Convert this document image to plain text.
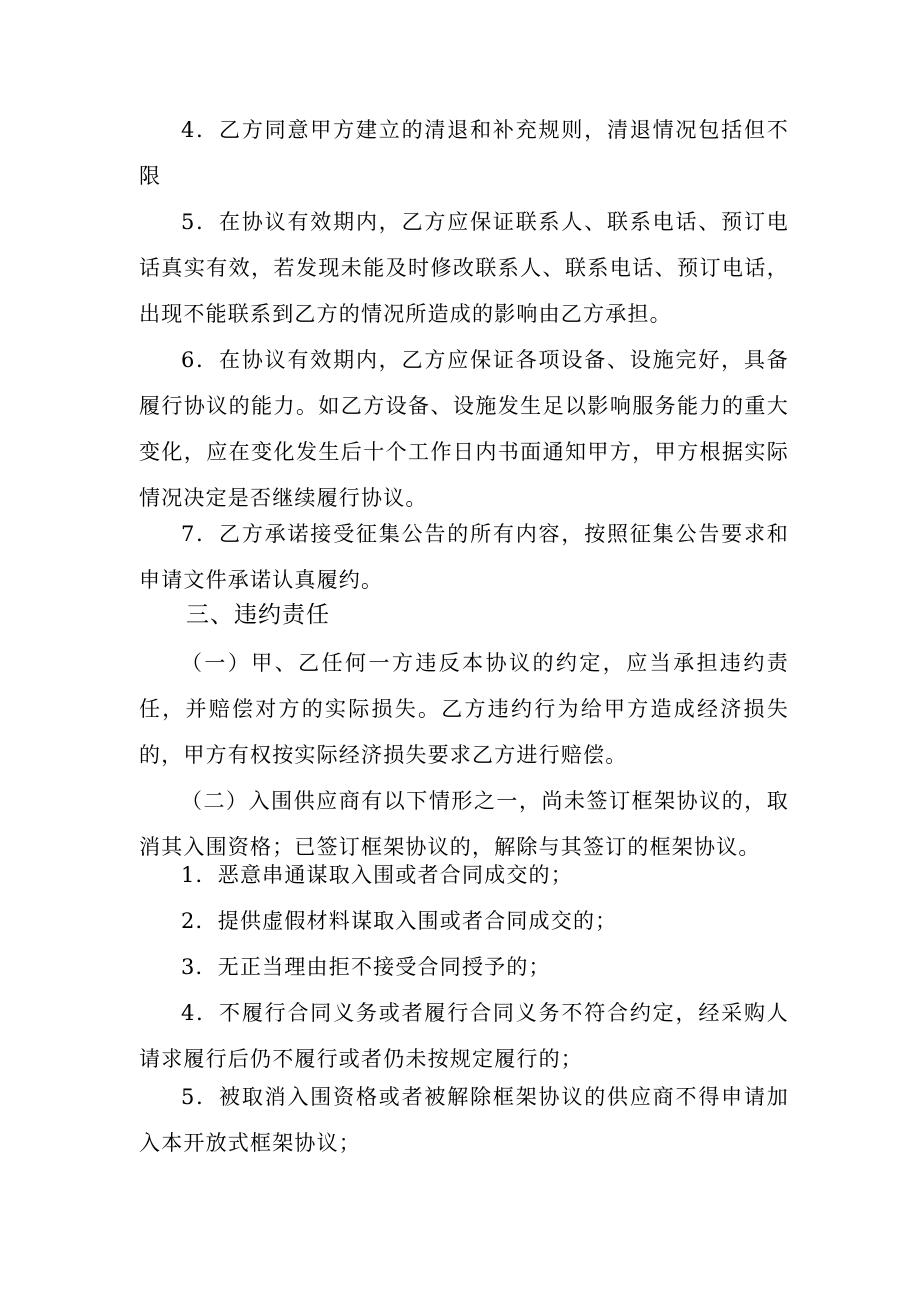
4．乙方同意甲方建立的清退和补充规则，清退情况包括但不限

5．在协议有效期内，乙方应保证联系人、联系电话、预订电话真实有效，若发现未能及时修改联系人、联系电话、预订电话，出现不能联系到乙方的情况所造成的影响由乙方承担。

6．在协议有效期内，乙方应保证各项设备、设施完好，具备履行协议的能力。如乙方设备、设施发生足以影响服务能力的重大变化，应在变化发生后十个工作日内书面通知甲方，甲方根据实际情况决定是否继续履行协议。

7．乙方承诺接受征集公告的所有内容，按照征集公告要求和申请文件承诺认真履约。

三、违约责任

（一）甲、乙任何一方违反本协议的约定，应当承担违约责任，并赔偿对方的实际损失。乙方违约行为给甲方造成经济损失的，甲方有权按实际经济损失要求乙方进行赔偿。

（二）入围供应商有以下情形之一，尚未签订框架协议的，取消其入围资格；已签订框架协议的，解除与其签订的框架协议。

1．恶意串通谋取入围或者合同成交的；

2．提供虚假材料谋取入围或者合同成交的；

3．无正当理由拒不接受合同授予的；

4．不履行合同义务或者履行合同义务不符合约定，经采购人请求履行后仍不履行或者仍未按规定履行的；

5．被取消入围资格或者被解除框架协议的供应商不得申请加入本开放式框架协议；
